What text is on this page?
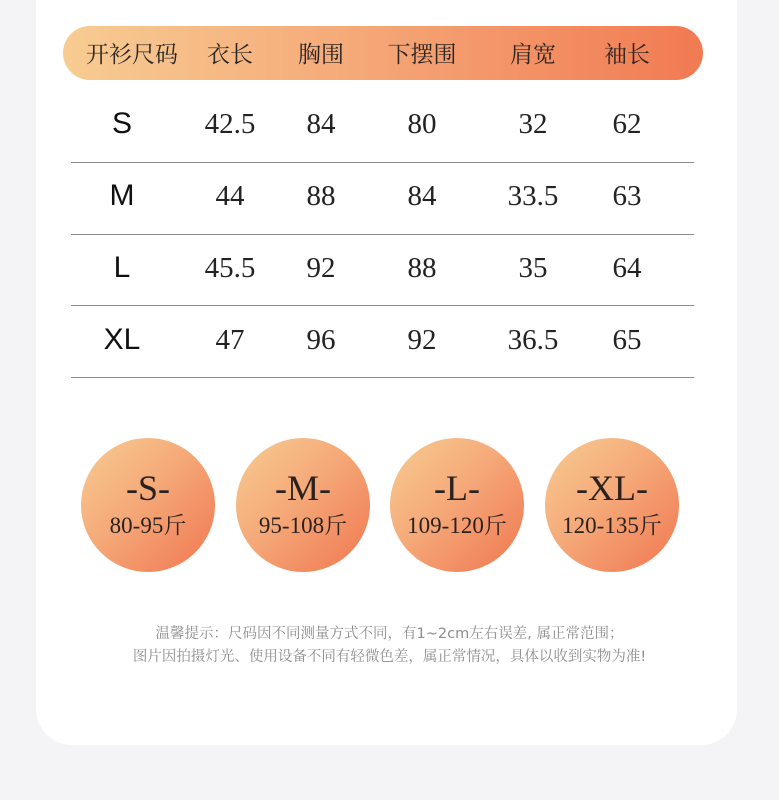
开衫尺码 衣长 胸围 下摆围 肩宽 袖长
S	42.5 84 80	32 62
M	44 88 84 33.5 63
L	45.5 92 88	35 64
XL	47 96 92 36.5 65
-S-
80-95斤
-M-
95-108斤
-L-
109-120斤
-XL-
120-135斤
温馨提示：尺码因不同测量方式不同，有1~2cm左右误差, 属正常范围；
图片因拍摄灯光、使用设备不同有轻微色差，属正常情况，具体以收到实物为准!
